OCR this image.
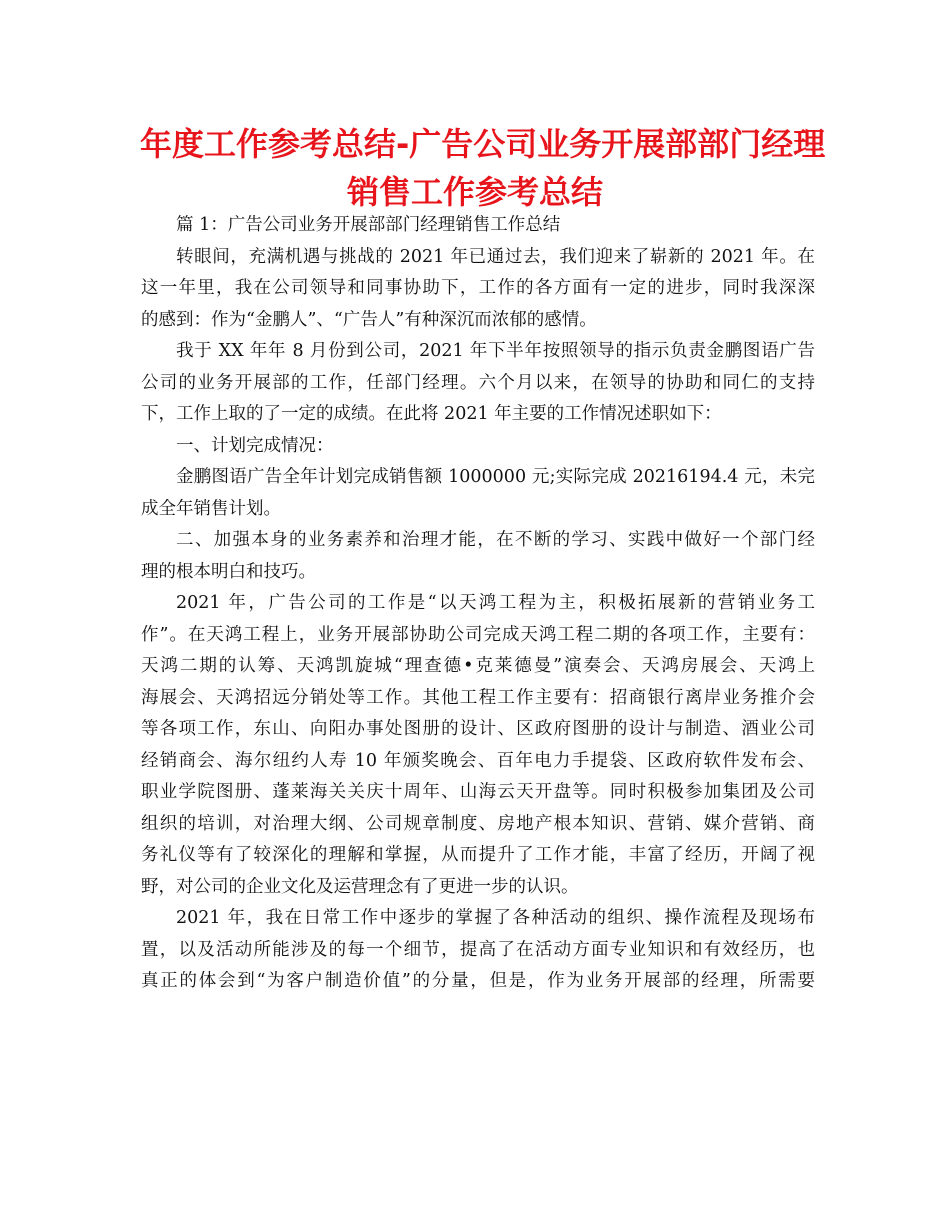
年度工作参考总结-广告公司业务开展部部门经理
销售工作参考总结
篇 1：广告公司业务开展部部门经理销售工作总结
转眼间，充满机遇与挑战的 2021 年已通过去，我们迎来了崭新的 2021 年。在
这一年里，我在公司领导和同事协助下，工作的各方面有一定的进步，同时我深深
的感到：作为“金鹏人”、“广告人”有种深沉而浓郁的感情。
我于 XX 年年 8 月份到公司，2021 年下半年按照领导的指示负责金鹏图语广告
公司的业务开展部的工作，任部门经理。六个月以来，在领导的协助和同仁的支持
下，工作上取的了一定的成绩。在此将 2021 年主要的工作情况述职如下：
一、计划完成情况：
金鹏图语广告全年计划完成销售额 1000000 元;实际完成 20216194.4 元，未完
成全年销售计划。
二、加强本身的业务素养和治理才能，在不断的学习、实践中做好一个部门经
理的根本明白和技巧。
2021 年，广告公司的工作是“以天鸿工程为主，积极拓展新的营销业务工
作”。在天鸿工程上，业务开展部协助公司完成天鸿工程二期的各项工作，主要有：
天鸿二期的认筹、天鸿凯旋城“理查德•克莱德曼”演奏会、天鸿房展会、天鸿上
海展会、天鸿招远分销处等工作。其他工程工作主要有：招商银行离岸业务推介会
等各项工作，东山、向阳办事处图册的设计、区政府图册的设计与制造、酒业公司
经销商会、海尔纽约人寿 10 年颁奖晚会、百年电力手提袋、区政府软件发布会、
职业学院图册、蓬莱海关关庆十周年、山海云天开盘等。同时积极参加集团及公司
组织的培训，对治理大纲、公司规章制度、房地产根本知识、营销、媒介营销、商
务礼仪等有了较深化的理解和掌握，从而提升了工作才能，丰富了经历，开阔了视
野，对公司的企业文化及运营理念有了更进一步的认识。
2021 年，我在日常工作中逐步的掌握了各种活动的组织、操作流程及现场布
置，以及活动所能涉及的每一个细节，提高了在活动方面专业知识和有效经历，也
真正的体会到“为客户制造价值”的分量，但是，作为业务开展部的经理，所需要
